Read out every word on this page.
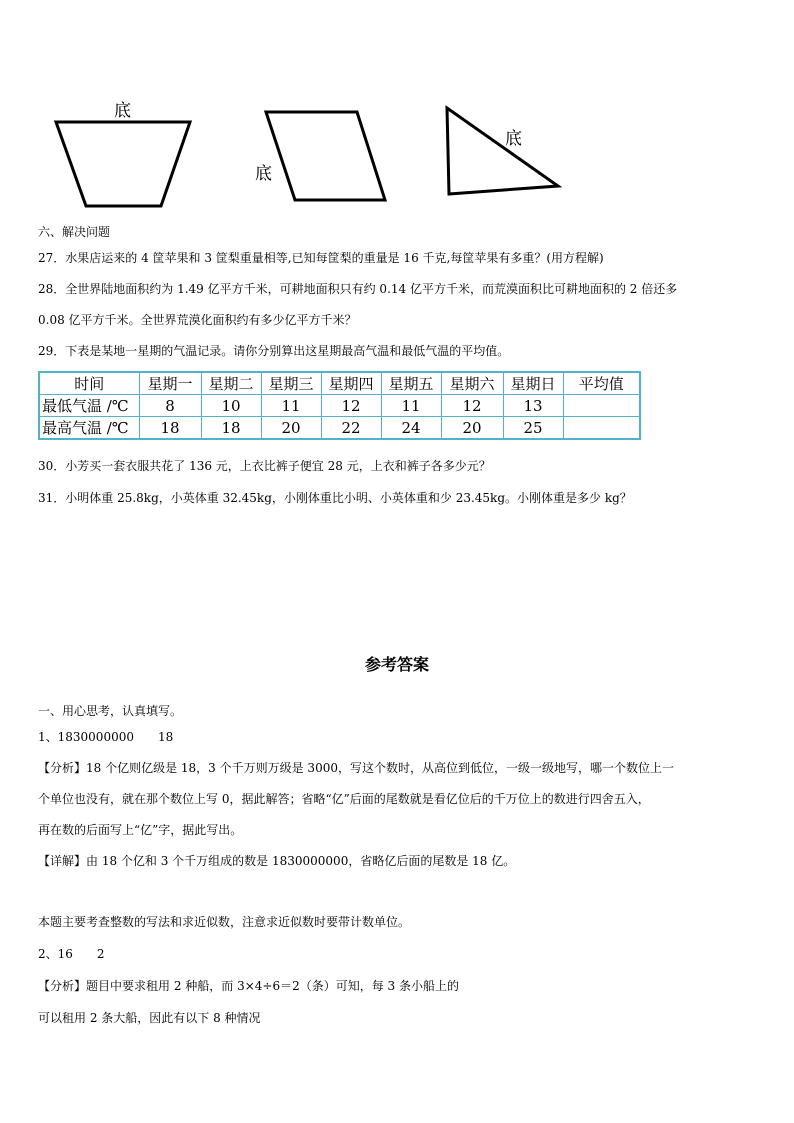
底
底
底
六、解决问题
27．水果店运来的 4 筐苹果和 3 筐梨重量相等,已知每筐梨的重量是 16 千克,每筐苹果有多重？(用方程解)
28．全世界陆地面积约为 1.49 亿平方千米，可耕地面积只有约 0.14 亿平方千米，而荒漠面积比可耕地面积的 2 倍还多
0.08 亿平方千米。全世界荒漠化面积约有多少亿平方千米？
29．下表是某地一星期的气温记录。请你分别算出这星期最高气温和最低气温的平均值。
时间	星期一	星期二	星期三	星期四	星期五	星期六	星期日	平均值
最低气温 /℃	8	10	11	12	11	12	13	
最高气温 /℃	18	18	20	22	24	20	25	
30．小芳买一套衣服共花了 136 元，上衣比裤子便宜 28 元，上衣和裤子各多少元？
31．小明体重 25.8kg，小英体重 32.45kg，小刚体重比小明、小英体重和少 23.45kg。小刚体重是多少 kg？
参考答案
一、用心思考，认真填写。
1、1830000000　　18
【分析】18 个亿则亿级是 18，3 个千万则万级是 3000，写这个数时，从高位到低位，一级一级地写，哪一个数位上一
个单位也没有，就在那个数位上写 0，据此解答；省略“亿”后面的尾数就是看亿位后的千万位上的数进行四舍五入，
再在数的后面写上“亿”字，据此写出。
【详解】由 18 个亿和 3 个千万组成的数是 1830000000，省略亿后面的尾数是 18 亿。
本题主要考查整数的写法和求近似数，注意求近似数时要带计数单位。
2、16　　2
【分析】题目中要求租用 2 种船，而 3×4÷6＝2（条）可知，每 3 条小船上的
可以租用 2 条大船，因此有以下 8 种情况
